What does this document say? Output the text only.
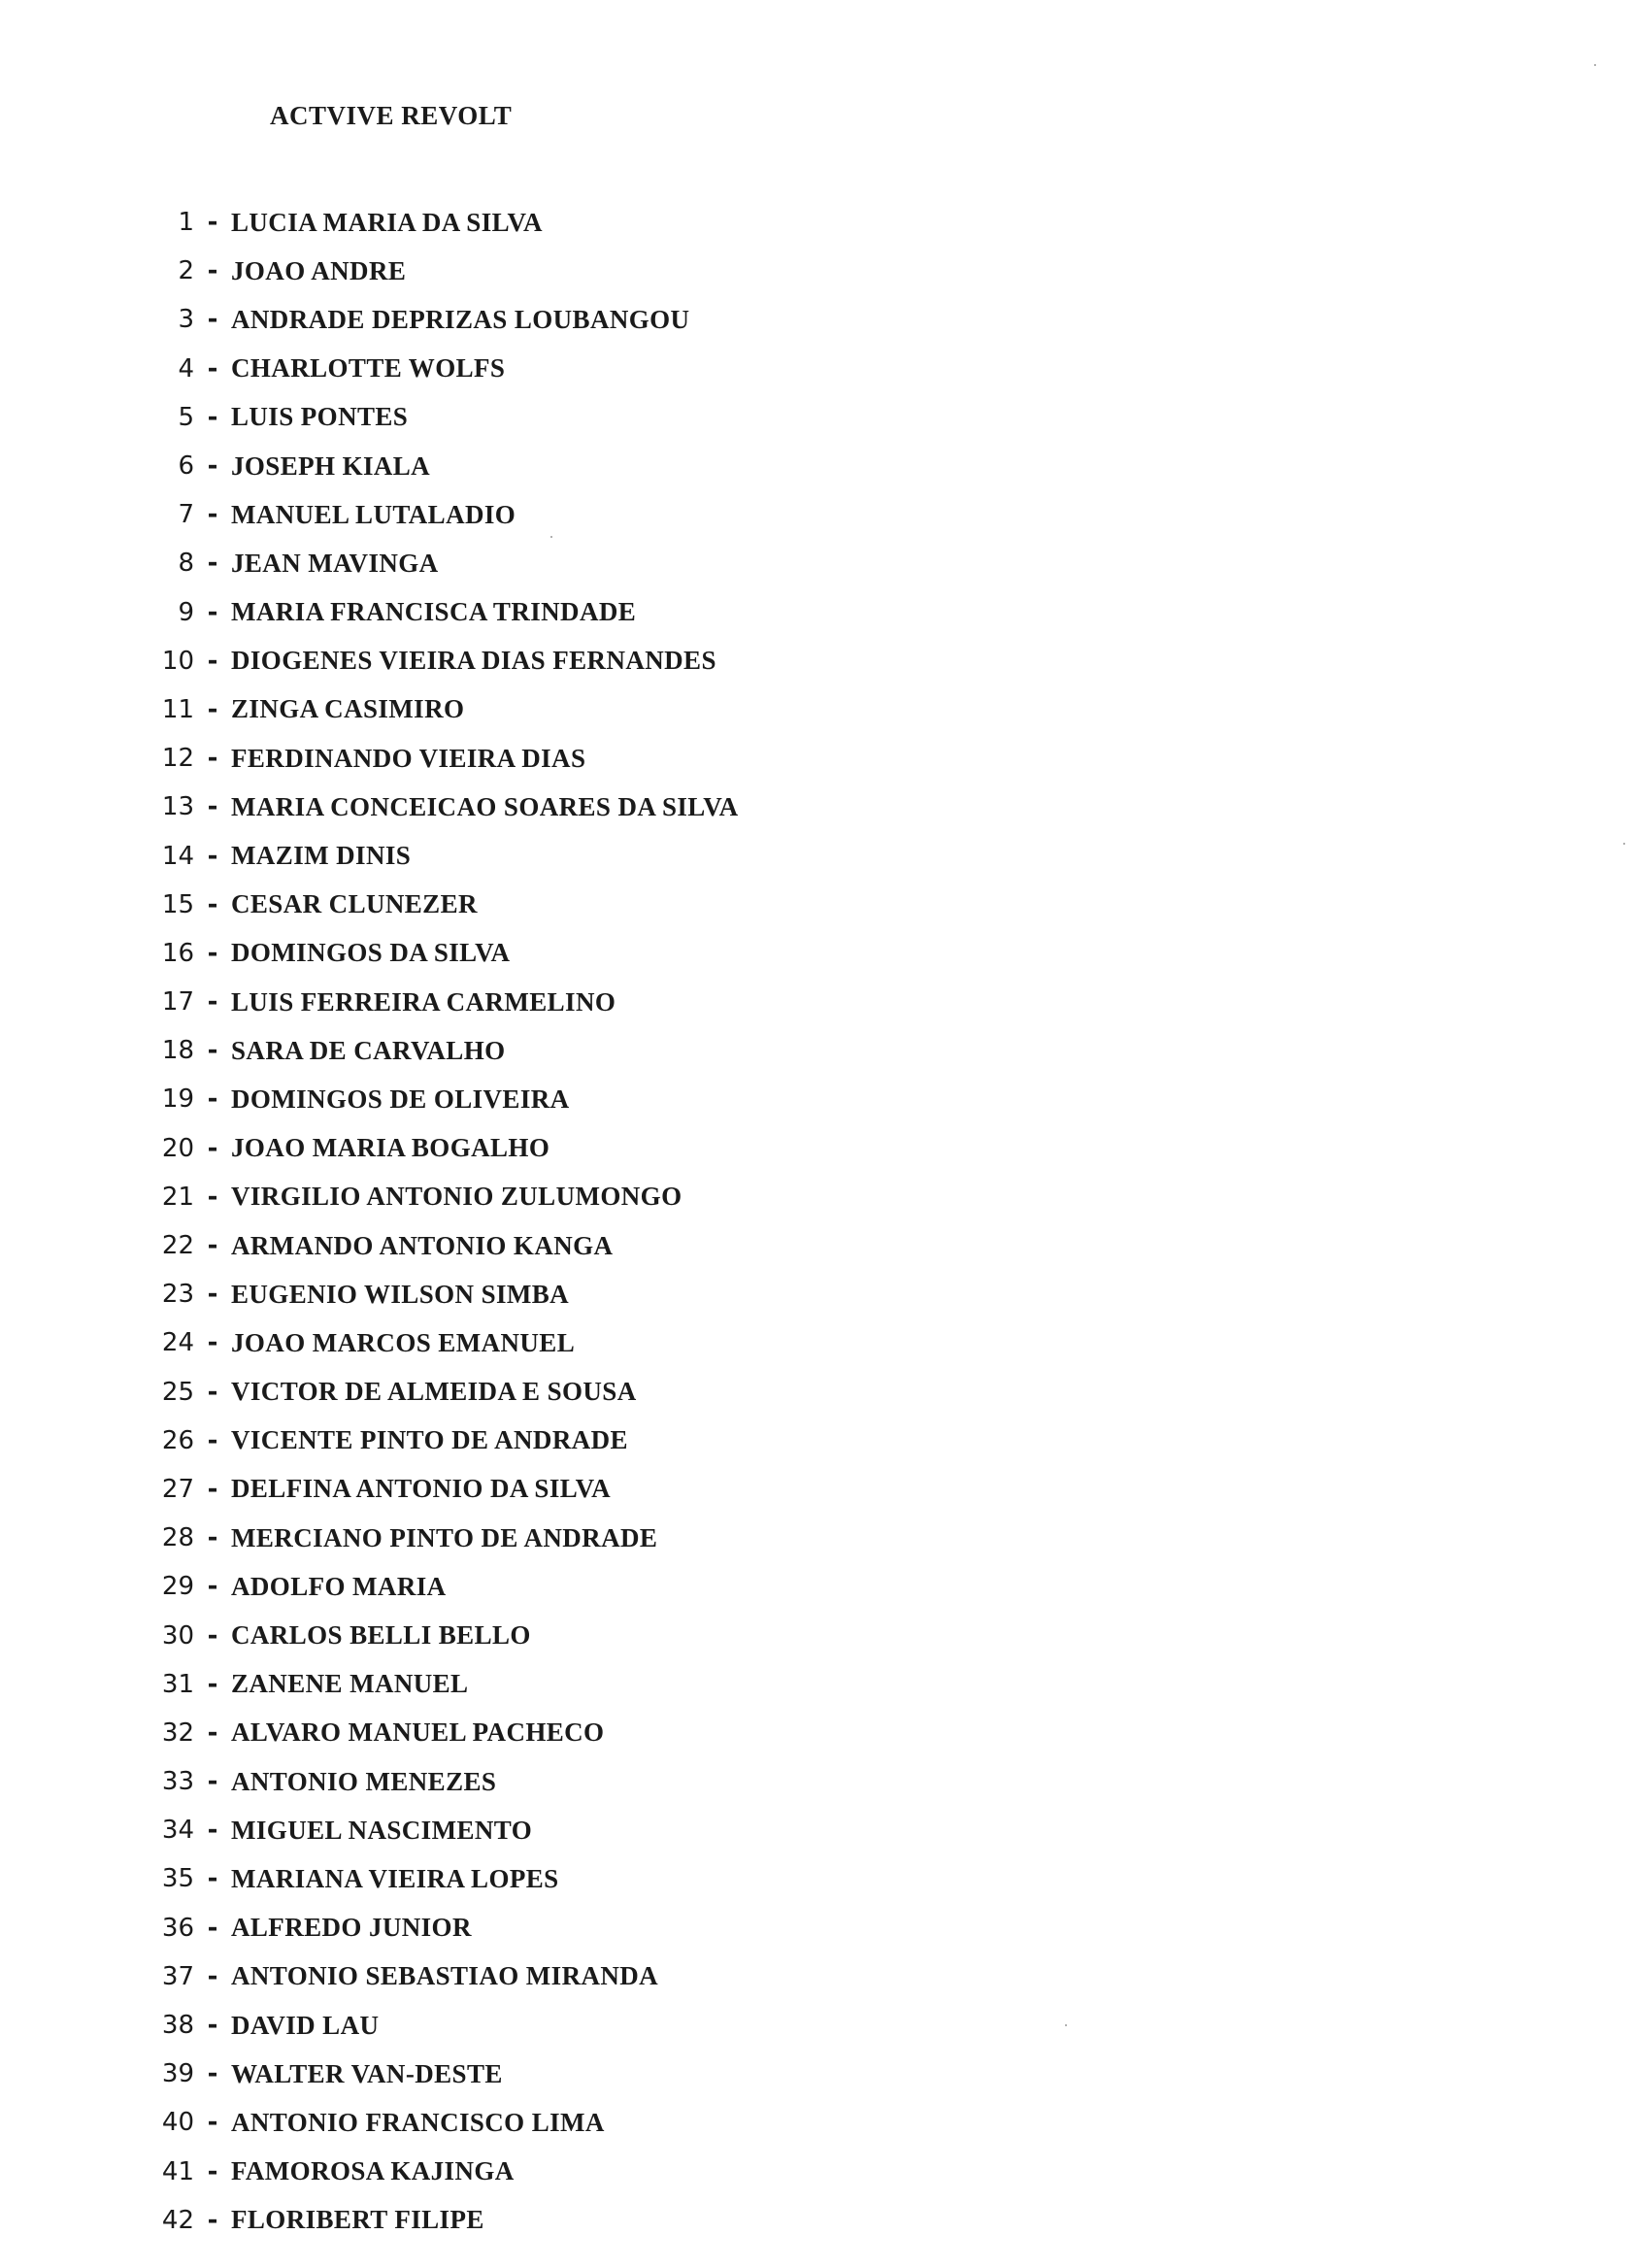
ACTVIVE REVOLT
1 - LUCIA MARIA DA SILVA
2 - JOAO ANDRE
3 - ANDRADE DEPRIZAS LOUBANGOU
4 - CHARLOTTE WOLFS
5 - LUIS PONTES
6 - JOSEPH KIALA
7 - MANUEL LUTALADIO
8 - JEAN MAVINGA
9 - MARIA FRANCISCA TRINDADE
10 - DIOGENES VIEIRA DIAS FERNANDES
11 - ZINGA CASIMIRO
12 - FERDINANDO VIEIRA DIAS
13 - MARIA CONCEICAO SOARES DA SILVA
14 - MAZIM DINIS
15 - CESAR CLUNEZER
16 - DOMINGOS DA SILVA
17 - LUIS FERREIRA CARMELINO
18 - SARA DE CARVALHO
19 - DOMINGOS DE OLIVEIRA
20 - JOAO MARIA BOGALHO
21 - VIRGILIO ANTONIO ZULUMONGO
22 - ARMANDO ANTONIO KANGA
23 - EUGENIO WILSON SIMBA
24 - JOAO MARCOS EMANUEL
25 - VICTOR DE ALMEIDA E SOUSA
26 - VICENTE PINTO DE ANDRADE
27 - DELFINA ANTONIO DA SILVA
28 - MERCIANO PINTO DE ANDRADE
29 - ADOLFO MARIA
30 - CARLOS BELLI BELLO
31 - ZANENE MANUEL
32 - ALVARO MANUEL PACHECO
33 - ANTONIO MENEZES
34 - MIGUEL NASCIMENTO
35 - MARIANA VIEIRA LOPES
36 - ALFREDO JUNIOR
37 - ANTONIO SEBASTIAO MIRANDA
38 - DAVID LAU
39 - WALTER VAN-DESTE
40 - ANTONIO FRANCISCO LIMA
41 - FAMOROSA KAJINGA
42 - FLORIBERT FILIPE
